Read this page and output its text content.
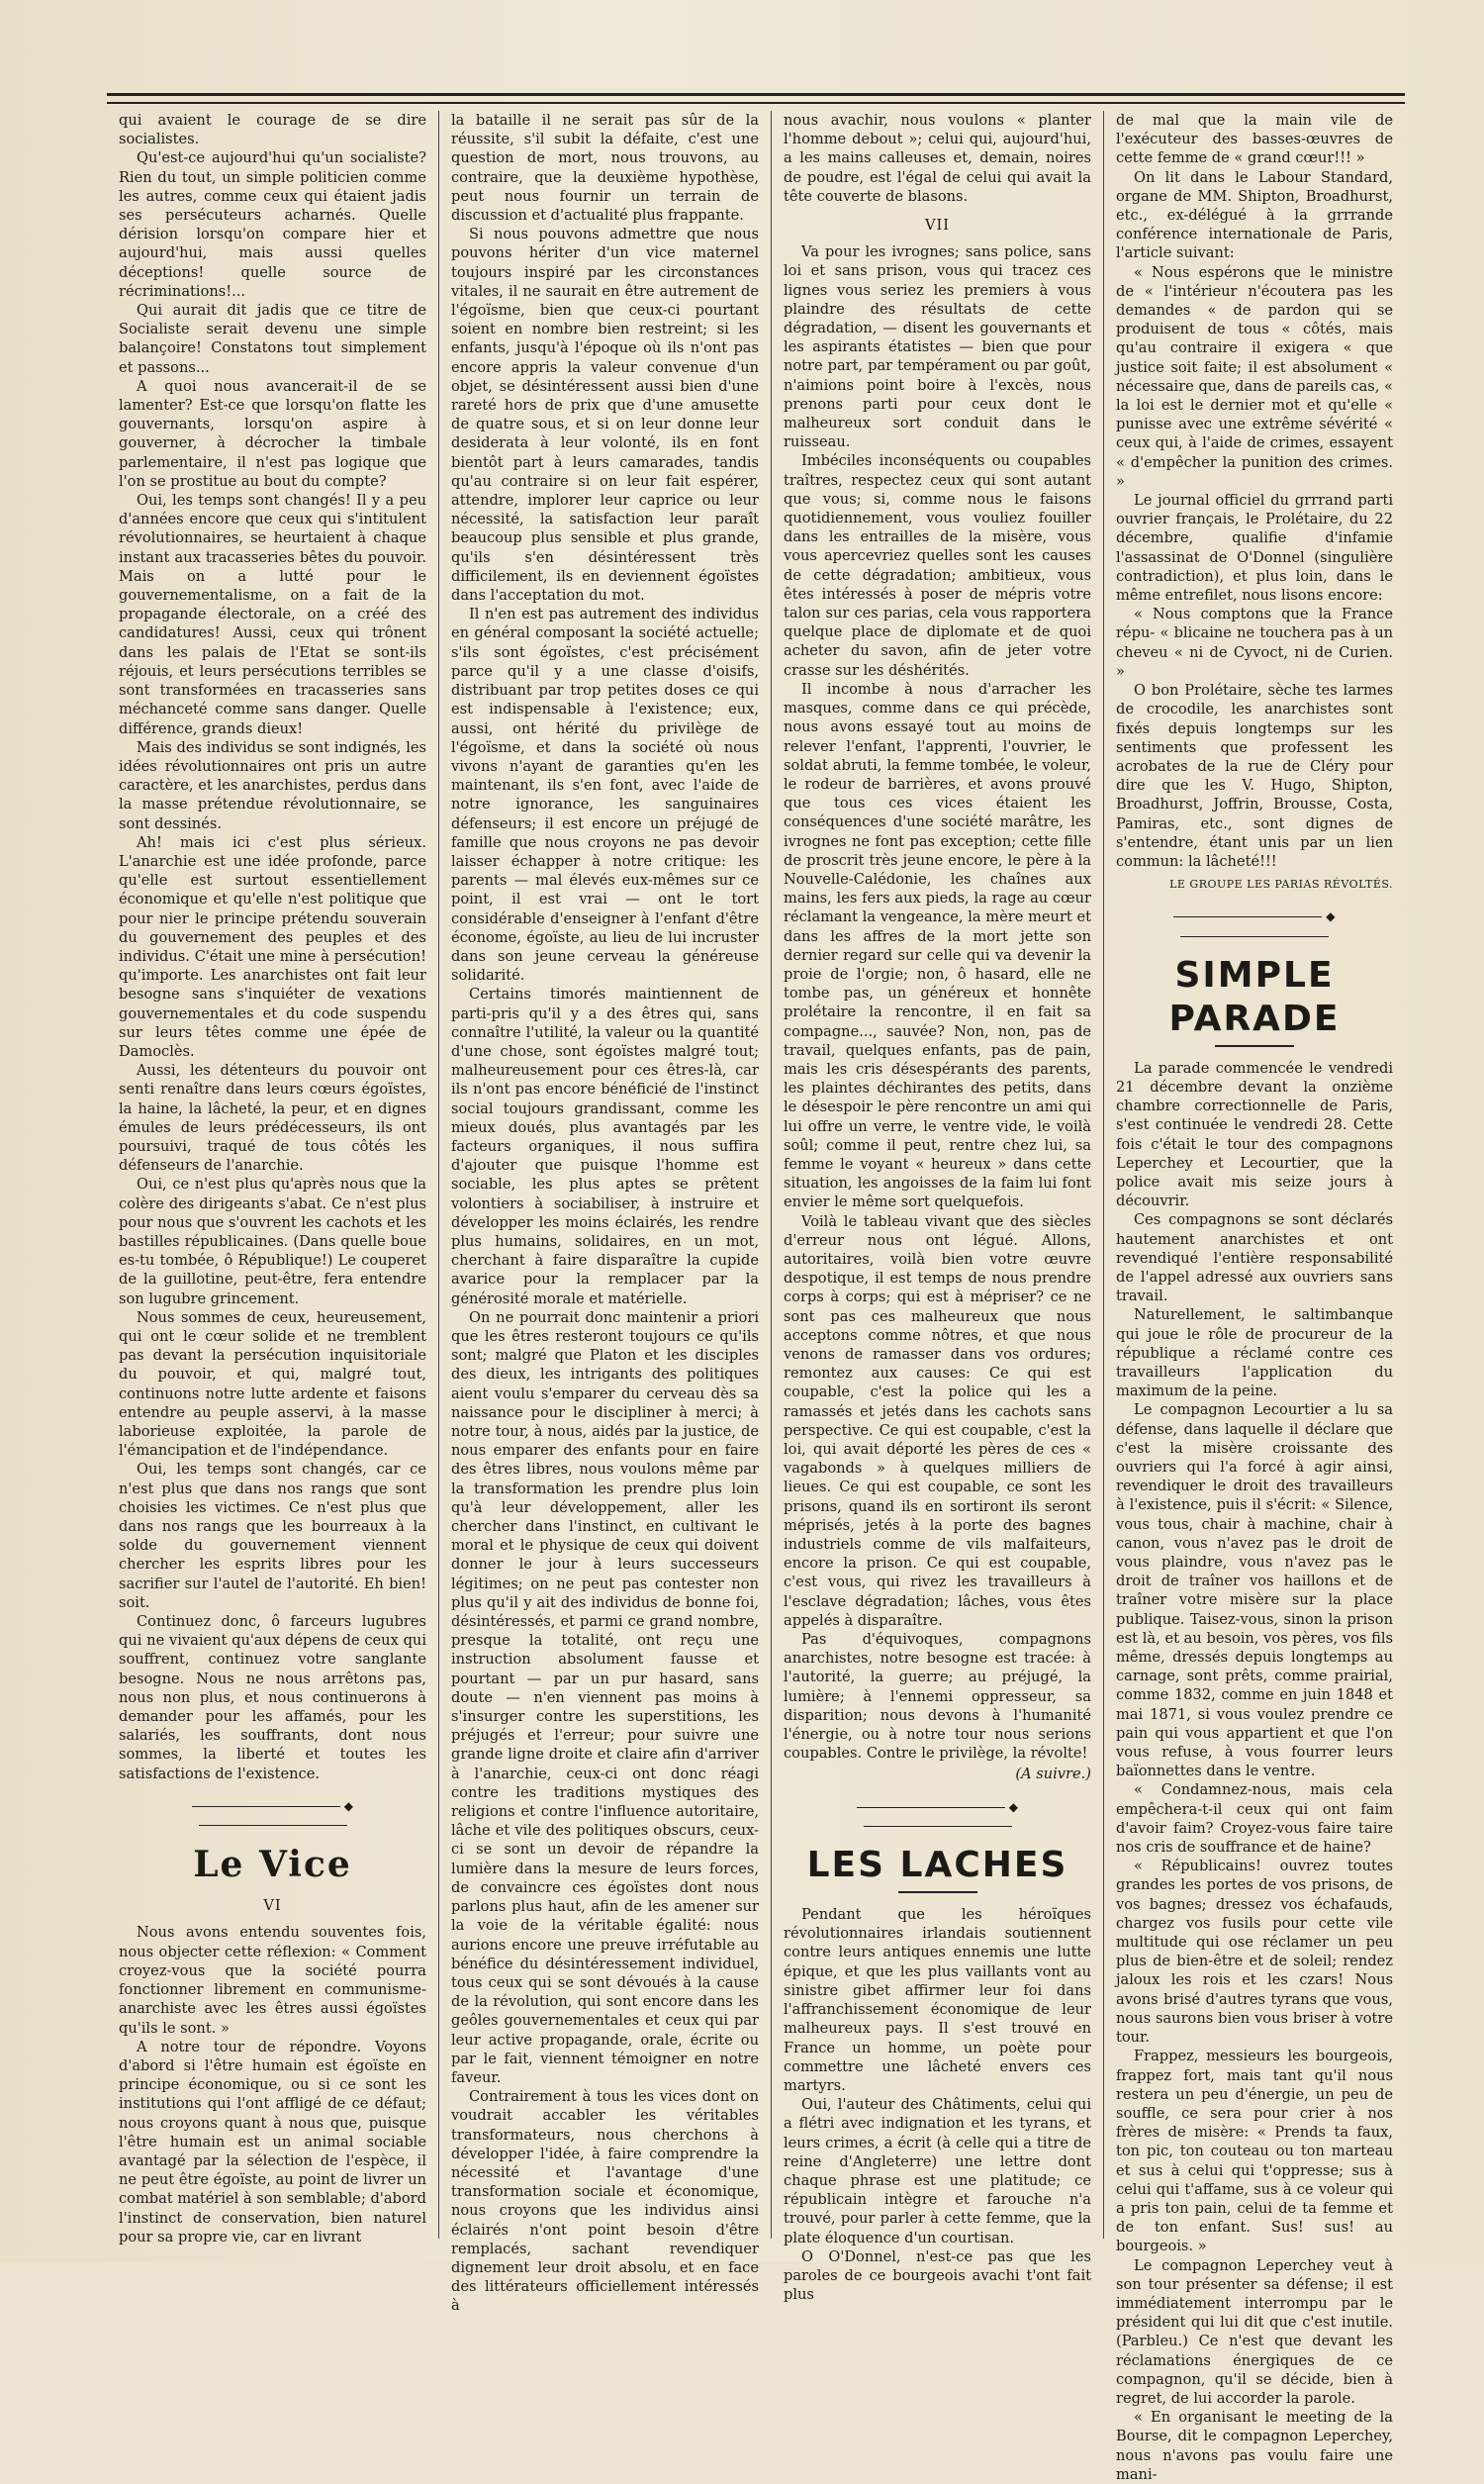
qui avaient le courage de se dire socialistes.

Qu'est-ce aujourd'hui qu'un socialiste? Rien du tout, un simple politicien comme les autres, comme ceux qui étaient jadis ses persécuteurs acharnés. Quelle dérision lorsqu'on compare hier et aujourd'hui, mais aussi quelles déceptions! quelle source de récriminations!...

Qui aurait dit jadis que ce titre de Socialiste serait devenu une simple balançoire! Constatons tout simplement et passons...

A quoi nous avancerait-il de se lamenter? Est-ce que lorsqu'on flatte les gouvernants, lorsqu'on aspire à gouverner, à décrocher la timbale parlementaire, il n'est pas logique que l'on se prostitue au bout du compte?

Oui, les temps sont changés! Il y a peu d'années encore que ceux qui s'intitulent révolutionnaires, se heurtaient à chaque instant aux tracasseries bêtes du pouvoir. Mais on a lutté pour le gouvernementalisme, on a fait de la propagande électorale, on a créé des candidatures! Aussi, ceux qui trônent dans les palais de l'Etat se sont-ils réjouis, et leurs persécutions terribles se sont transformées en tracasseries sans méchanceté comme sans danger. Quelle différence, grands dieux!

Mais des individus se sont indignés, les idées révolutionnaires ont pris un autre caractère, et les anarchistes, perdus dans la masse prétendue révolutionnaire, se sont dessinés.

Ah! mais ici c'est plus sérieux. L'anarchie est une idée profonde, parce qu'elle est surtout essentiellement économique et qu'elle n'est politique que pour nier le principe prétendu souverain du gouvernement des peuples et des individus. C'était une mine à persécution! qu'importe. Les anarchistes ont fait leur besogne sans s'inquiéter de vexations gouvernementales et du code suspendu sur leurs têtes comme une épée de Damoclès.

Aussi, les détenteurs du pouvoir ont senti renaître dans leurs cœurs égoïstes, la haine, la lâcheté, la peur, et en dignes émules de leurs prédécesseurs, ils ont poursuivi, traqué de tous côtés les défenseurs de l'anarchie.

Oui, ce n'est plus qu'après nous que la colère des dirigeants s'abat. Ce n'est plus pour nous que s'ouvrent les cachots et les bastilles républicaines. (Dans quelle boue es-tu tombée, ô République!) Le couperet de la guillotine, peut-être, fera entendre son lugubre grincement.

Nous sommes de ceux, heureusement, qui ont le cœur solide et ne tremblent pas devant la persécution inquisitoriale du pouvoir, et qui, malgré tout, continuons notre lutte ardente et faisons entendre au peuple asservi, à la masse laborieuse exploitée, la parole de l'émancipation et de l'indépendance.

Oui, les temps sont changés, car ce n'est plus que dans nos rangs que sont choisies les victimes. Ce n'est plus que dans nos rangs que les bourreaux à la solde du gouvernement viennent chercher les esprits libres pour les sacrifier sur l'autel de l'autorité. Eh bien! soit.

Continuez donc, ô farceurs lugubres qui ne vivaient qu'aux dépens de ceux qui souffrent, continuez votre sanglante besogne. Nous ne nous arrêtons pas, nous non plus, et nous continuerons à demander pour les affamés, pour les salariés, les souffrants, dont nous sommes, la liberté et toutes les satisfactions de l'existence.

◆
Le Vice
VI

Nous avons entendu souventes fois, nous objecter cette réflexion: « Comment croyez-vous que la société pourra fonctionner librement en communisme-anarchiste avec les êtres aussi égoïstes qu'ils le sont. »

A notre tour de répondre. Voyons d'abord si l'être humain est égoïste en principe économique, ou si ce sont les institutions qui l'ont affligé de ce défaut; nous croyons quant à nous que, puisque l'être humain est un animal sociable avantagé par la sélection de l'espèce, il ne peut être égoïste, au point de livrer un combat matériel à son semblable; d'abord l'instinct de conservation, bien naturel pour sa propre vie, car en livrant

la bataille il ne serait pas sûr de la réussite, s'il subit la défaite, c'est une question de mort, nous trouvons, au contraire, que la deuxième hypothèse, peut nous fournir un terrain de discussion et d'actualité plus frappante.

Si nous pouvons admettre que nous pouvons hériter d'un vice maternel toujours inspiré par les circonstances vitales, il ne saurait en être autrement de l'égoïsme, bien que ceux-ci pourtant soient en nombre bien restreint; si les enfants, jusqu'à l'époque où ils n'ont pas encore appris la valeur convenue d'un objet, se désintéressent aussi bien d'une rareté hors de prix que d'une amusette de quatre sous, et si on leur donne leur desiderata à leur volonté, ils en font bientôt part à leurs camarades, tandis qu'au contraire si on leur fait espérer, attendre, implorer leur caprice ou leur nécessité, la satisfaction leur paraît beaucoup plus sensible et plus grande, qu'ils s'en désintéressent très difficilement, ils en deviennent égoïstes dans l'acceptation du mot.

Il n'en est pas autrement des individus en général composant la société actuelle; s'ils sont égoïstes, c'est précisément parce qu'il y a une classe d'oisifs, distribuant par trop petites doses ce qui est indispensable à l'existence; eux, aussi, ont hérité du privilège de l'égoïsme, et dans la société où nous vivons n'ayant de garanties qu'en les maintenant, ils s'en font, avec l'aide de notre ignorance, les sanguinaires défenseurs; il est encore un préjugé de famille que nous croyons ne pas devoir laisser échapper à notre critique: les parents — mal élevés eux-mêmes sur ce point, il est vrai — ont le tort considérable d'enseigner à l'enfant d'être économe, égoïste, au lieu de lui incruster dans son jeune cerveau la généreuse solidarité.

Certains timorés maintiennent de parti-pris qu'il y a des êtres qui, sans connaître l'utilité, la valeur ou la quantité d'une chose, sont égoïstes malgré tout; malheureusement pour ces êtres-là, car ils n'ont pas encore bénéficié de l'instinct social toujours grandissant, comme les mieux doués, plus avantagés par les facteurs organiques, il nous suffira d'ajouter que puisque l'homme est sociable, les plus aptes se prêtent volontiers à sociabiliser, à instruire et développer les moins éclairés, les rendre plus humains, solidaires, en un mot, cherchant à faire disparaître la cupide avarice pour la remplacer par la générosité morale et matérielle.

On ne pourrait donc maintenir a priori que les êtres resteront toujours ce qu'ils sont; malgré que Platon et les disciples des dieux, les intrigants des politiques aient voulu s'emparer du cerveau dès sa naissance pour le discipliner à merci; à notre tour, à nous, aidés par la justice, de nous emparer des enfants pour en faire des êtres libres, nous voulons même par la transformation les prendre plus loin qu'à leur développement, aller les chercher dans l'instinct, en cultivant le moral et le physique de ceux qui doivent donner le jour à leurs successeurs légitimes; on ne peut pas contester non plus qu'il y ait des individus de bonne foi, désintéressés, et parmi ce grand nombre, presque la totalité, ont reçu une instruction absolument fausse et pourtant — par un pur hasard, sans doute — n'en viennent pas moins à s'insurger contre les superstitions, les préjugés et l'erreur; pour suivre une grande ligne droite et claire afin d'arriver à l'anarchie, ceux-ci ont donc réagi contre les traditions mystiques des religions et contre l'influence autoritaire, lâche et vile des politiques obscurs, ceux-ci se sont un devoir de répandre la lumière dans la mesure de leurs forces, de convaincre ces égoïstes dont nous parlons plus haut, afin de les amener sur la voie de la véritable égalité: nous aurions encore une preuve irréfutable au bénéfice du désintéressement individuel, tous ceux qui se sont dévoués à la cause de la révolution, qui sont encore dans les geôles gouvernementales et ceux qui par leur active propagande, orale, écrite ou par le fait, viennent témoigner en notre faveur.

Contrairement à tous les vices dont on voudrait accabler les véritables transformateurs, nous cherchons à développer l'idée, à faire comprendre la nécessité et l'avantage d'une transformation sociale et économique, nous croyons que les individus ainsi éclairés n'ont point besoin d'être remplacés, sachant revendiquer dignement leur droit absolu, et en face des littérateurs officiellement intéressés à

nous avachir, nous voulons « planter l'homme debout »; celui qui, aujourd'hui, a les mains calleuses et, demain, noires de poudre, est l'égal de celui qui avait la tête couverte de blasons.

VII

Va pour les ivrognes; sans police, sans loi et sans prison, vous qui tracez ces lignes vous seriez les premiers à vous plaindre des résultats de cette dégradation, — disent les gouvernants et les aspirants étatistes — bien que pour notre part, par tempérament ou par goût, n'aimions point boire à l'excès, nous prenons parti pour ceux dont le malheureux sort conduit dans le ruisseau.

Imbéciles inconséquents ou coupables traîtres, respectez ceux qui sont autant que vous; si, comme nous le faisons quotidiennement, vous vouliez fouiller dans les entrailles de la misère, vous vous apercevriez quelles sont les causes de cette dégradation; ambitieux, vous êtes intéressés à poser de mépris votre talon sur ces parias, cela vous rapportera quelque place de diplomate et de quoi acheter du savon, afin de jeter votre crasse sur les déshérités.

Il incombe à nous d'arracher les masques, comme dans ce qui précède, nous avons essayé tout au moins de relever l'enfant, l'apprenti, l'ouvrier, le soldat abruti, la femme tombée, le voleur, le rodeur de barrières, et avons prouvé que tous ces vices étaient les conséquences d'une société marâtre, les ivrognes ne font pas exception; cette fille de proscrit très jeune encore, le père à la Nouvelle-Calédonie, les chaînes aux mains, les fers aux pieds, la rage au cœur réclamant la vengeance, la mère meurt et dans les affres de la mort jette son dernier regard sur celle qui va devenir la proie de l'orgie; non, ô hasard, elle ne tombe pas, un généreux et honnête prolétaire la rencontre, il en fait sa compagne..., sauvée? Non, non, pas de travail, quelques enfants, pas de pain, mais les cris désespérants des parents, les plaintes déchirantes des petits, dans le désespoir le père rencontre un ami qui lui offre un verre, le ventre vide, le voilà soûl; comme il peut, rentre chez lui, sa femme le voyant « heureux » dans cette situation, les angoisses de la faim lui font envier le même sort quelquefois.

Voilà le tableau vivant que des siècles d'erreur nous ont légué. Allons, autoritaires, voilà bien votre œuvre despotique, il est temps de nous prendre corps à corps; qui est à mépriser? ce ne sont pas ces malheureux que nous acceptons comme nôtres, et que nous venons de ramasser dans vos ordures; remontez aux causes: Ce qui est coupable, c'est la police qui les a ramassés et jetés dans les cachots sans perspective. Ce qui est coupable, c'est la loi, qui avait déporté les pères de ces « vagabonds » à quelques milliers de lieues. Ce qui est coupable, ce sont les prisons, quand ils en sortiront ils seront méprisés, jetés à la porte des bagnes industriels comme de vils malfaiteurs, encore la prison. Ce qui est coupable, c'est vous, qui rivez les travailleurs à l'esclave dégradation; lâches, vous êtes appelés à disparaître.

Pas d'équivoques, compagnons anarchistes, notre besogne est tracée: à l'autorité, la guerre; au préjugé, la lumière; à l'ennemi oppresseur, sa disparition; nous devons à l'humanité l'énergie, ou à notre tour nous serions coupables. Contre le privilège, la révolte!

(A suivre.)
◆
LES LACHES

Pendant que les héroïques révolutionnaires irlandais soutiennent contre leurs antiques ennemis une lutte épique, et que les plus vaillants vont au sinistre gibet affirmer leur foi dans l'affranchissement économique de leur malheureux pays. Il s'est trouvé en France un homme, un poète pour commettre une lâcheté envers ces martyrs.

Oui, l'auteur des Châtiments, celui qui a flétri avec indignation et les tyrans, et leurs crimes, a écrit (à celle qui a titre de reine d'Angleterre) une lettre dont chaque phrase est une platitude; ce républicain intègre et farouche n'a trouvé, pour parler à cette femme, que la plate éloquence d'un courtisan.

O O'Donnel, n'est-ce pas que les paroles de ce bourgeois avachi t'ont fait plus

de mal que la main vile de l'exécuteur des basses-œuvres de cette femme de « grand cœur!!! »

On lit dans le Labour Standard, organe de MM. Shipton, Broadhurst, etc., ex-délégué à la grrrande conférence internationale de Paris, l'article suivant:

« Nous espérons que le ministre de « l'intérieur n'écoutera pas les demandes « de pardon qui se produisent de tous « côtés, mais qu'au contraire il exigera « que justice soit faite; il est absolument « nécessaire que, dans de pareils cas, « la loi est le dernier mot et qu'elle « punisse avec une extrême sévérité « ceux qui, à l'aide de crimes, essayent « d'empêcher la punition des crimes. »

Le journal officiel du grrrand parti ouvrier français, le Prolétaire, du 22 décembre, qualifie d'infamie l'assassinat de O'Donnel (singulière contradiction), et plus loin, dans le même entrefilet, nous lisons encore:

« Nous comptons que la France répu- « blicaine ne touchera pas à un cheveu « ni de Cyvoct, ni de Curien. »

O bon Prolétaire, sèche tes larmes de crocodile, les anarchistes sont fixés depuis longtemps sur les sentiments que professent les acrobates de la rue de Cléry pour dire que les V. Hugo, Shipton, Broadhurst, Joffrin, Brousse, Costa, Pamiras, etc., sont dignes de s'entendre, étant unis par un lien commun: la lâcheté!!!

LE GROUPE LES PARIAS RÉVOLTÉS.
◆
SIMPLE PARADE

La parade commencée le vendredi 21 décembre devant la onzième chambre correctionnelle de Paris, s'est continuée le vendredi 28. Cette fois c'était le tour des compagnons Leperchey et Lecourtier, que la police avait mis seize jours à découvrir.

Ces compagnons se sont déclarés hautement anarchistes et ont revendiqué l'entière responsabilité de l'appel adressé aux ouvriers sans travail.

Naturellement, le saltimbanque qui joue le rôle de procureur de la république a réclamé contre ces travailleurs l'application du maximum de la peine.

Le compagnon Lecourtier a lu sa défense, dans laquelle il déclare que c'est la misère croissante des ouvriers qui l'a forcé à agir ainsi, revendiquer le droit des travailleurs à l'existence, puis il s'écrit: « Silence, vous tous, chair à machine, chair à canon, vous n'avez pas le droit de vous plaindre, vous n'avez pas le droit de traîner vos haillons et de traîner votre misère sur la place publique. Taisez-vous, sinon la prison est là, et au besoin, vos pères, vos fils même, dressés depuis longtemps au carnage, sont prêts, comme prairial, comme 1832, comme en juin 1848 et mai 1871, si vous voulez prendre ce pain qui vous appartient et que l'on vous refuse, à vous fourrer leurs baïonnettes dans le ventre.

« Condamnez-nous, mais cela empêchera-t-il ceux qui ont faim d'avoir faim? Croyez-vous faire taire nos cris de souffrance et de haine?

« Républicains! ouvrez toutes grandes les portes de vos prisons, de vos bagnes; dressez vos échafauds, chargez vos fusils pour cette vile multitude qui ose réclamer un peu plus de bien-être et de soleil; rendez jaloux les rois et les czars! Nous avons brisé d'autres tyrans que vous, nous saurons bien vous briser à votre tour.

Frappez, messieurs les bourgeois, frappez fort, mais tant qu'il nous restera un peu d'énergie, un peu de souffle, ce sera pour crier à nos frères de misère: « Prends ta faux, ton pic, ton couteau ou ton marteau et sus à celui qui t'oppresse; sus à celui qui t'affame, sus à ce voleur qui a pris ton pain, celui de ta femme et de ton enfant. Sus! sus! au bourgeois. »

Le compagnon Leperchey veut à son tour présenter sa défense; il est immédiatement interrompu par le président qui lui dit que c'est inutile. (Parbleu.) Ce n'est que devant les réclamations énergiques de ce compagnon, qu'il se décide, bien à regret, de lui accorder la parole.

« En organisant le meeting de la Bourse, dit le compagnon Leperchey, nous n'avons pas voulu faire une mani-
